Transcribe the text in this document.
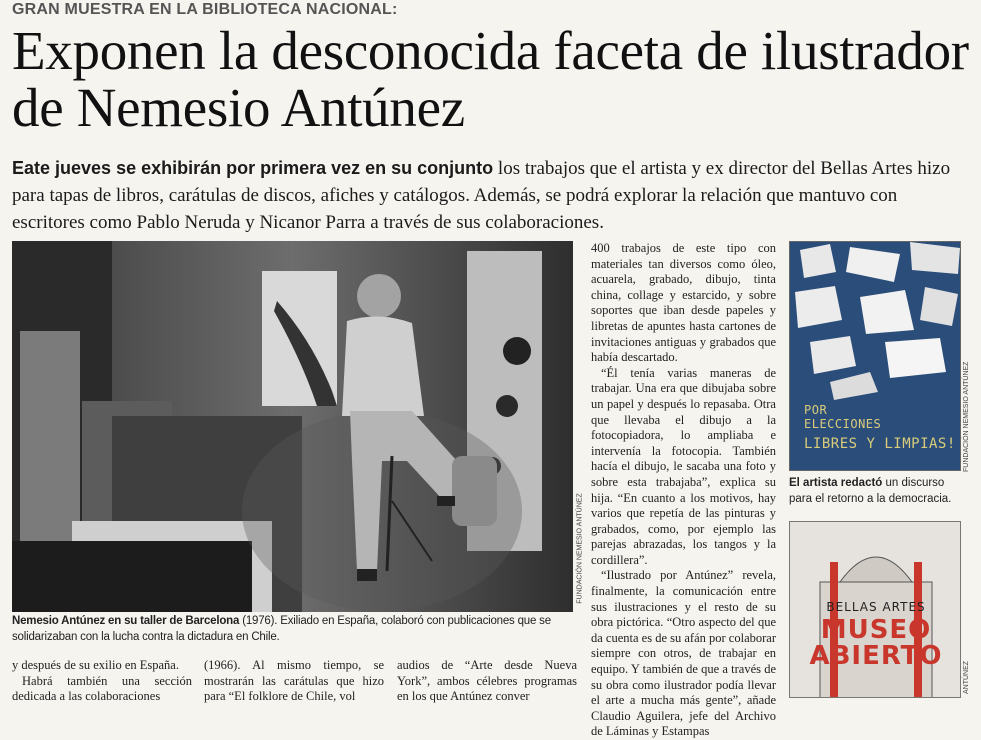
GRAN MUESTRA EN LA BIBLIOTECA NACIONAL:
Exponen la desconocida faceta de ilustrador de Nemesio Antúnez
Eate jueves se exhibirán por primera vez en su conjunto los trabajos que el artista y ex director del Bellas Artes hizo para tapas de libros, carátulas de discos, afiches y catálogos. Además, se podrá explorar la relación que mantuvo con escritores como Pablo Neruda y Nicanor Parra a través de sus colaboraciones.
FUNDACIÓN NEMESIO ANTÚNEZ
Nemesio Antúnez en su taller de Barcelona (1976). Exiliado en España, colaboró con publicaciones que se solidarizaban con la lucha contra la dictadura en Chile.

400 trabajos de este tipo con materiales tan diversos como óleo, acuarela, grabado, dibujo, tinta china, collage y estarcido, y sobre soportes que iban desde papeles y libretas de apuntes hasta cartones de invitaciones antiguas y grabados que había descartado.

“Él tenía varias maneras de trabajar. Una era que dibujaba sobre un papel y después lo repasaba. Otra que llevaba el dibujo a la fotocopiadora, lo ampliaba e intervenía la fotocopia. También hacía el dibujo, le sacaba una foto y sobre esta trabajaba”, explica su hija. “En cuanto a los motivos, hay varios que repetía de las pinturas y grabados, como, por ejemplo las parejas abrazadas, los tangos y la cordillera”.

“Ilustrado por Antúnez” revela, finalmente, la comunicación entre sus ilustraciones y el resto de su obra pictórica. “Otro aspecto del que da cuenta es de su afán por colaborar siempre con otros, de trabajar en equipo. Y también de que a través de su obra como ilustrador podía llevar el arte a mucha más gente”, añade Claudio Aguilera, jefe del Archivo de Láminas y Estampas

y después de su exilio en España.

Habrá también una sección dedicada a las colaboraciones

(1966). Al mismo tiempo, se mostrarán las carátulas que hizo para “El folklore de Chile, vol

audios de “Arte desde Nueva York”, ambos célebres programas en los que Antúnez conver

POR
ELECCIONES
LIBRES Y LIMPIAS! FUNDACIÓN NEMESIO ANTÚNEZ
El artista redactó un discurso para el retorno a la democracia.
BELLAS ARTES
MUSEO
ABIERTO
ANTÚNEZ
